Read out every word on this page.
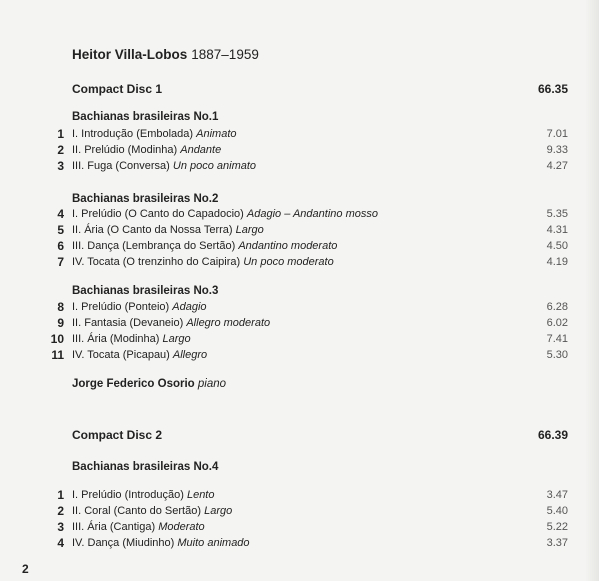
Heitor Villa-Lobos 1887–1959
Compact Disc 1	66.35
Bachianas brasileiras No.1
1 I. Introdução (Embolada) Animato	7.01
2 II. Prelúdio (Modinha) Andante	9.33
3 III. Fuga (Conversa) Un poco animato	4.27
Bachianas brasileiras No.2
4 I. Prelúdio (O Canto do Capadocio) Adagio – Andantino mosso	5.35
5 II. Ária (O Canto da Nossa Terra) Largo	4.31
6 III. Dança (Lembrança do Sertão) Andantino moderato	4.50
7 IV. Tocata (O trenzinho do Caipira) Un poco moderato	4.19
Bachianas brasileiras No.3
8 I. Prelúdio (Ponteio) Adagio	6.28
9 II. Fantasia (Devaneio) Allegro moderato	6.02
10 III. Ária (Modinha) Largo	7.41
11 IV. Tocata (Picapau) Allegro	5.30
Jorge Federico Osorio piano
Compact Disc 2	66.39
Bachianas brasileiras No.4
1 I. Prelúdio (Introdução) Lento	3.47
2 II. Coral (Canto do Sertão) Largo	5.40
3 III. Ária (Cantiga) Moderato	5.22
4 IV. Dança (Miudinho) Muito animado	3.37
2
